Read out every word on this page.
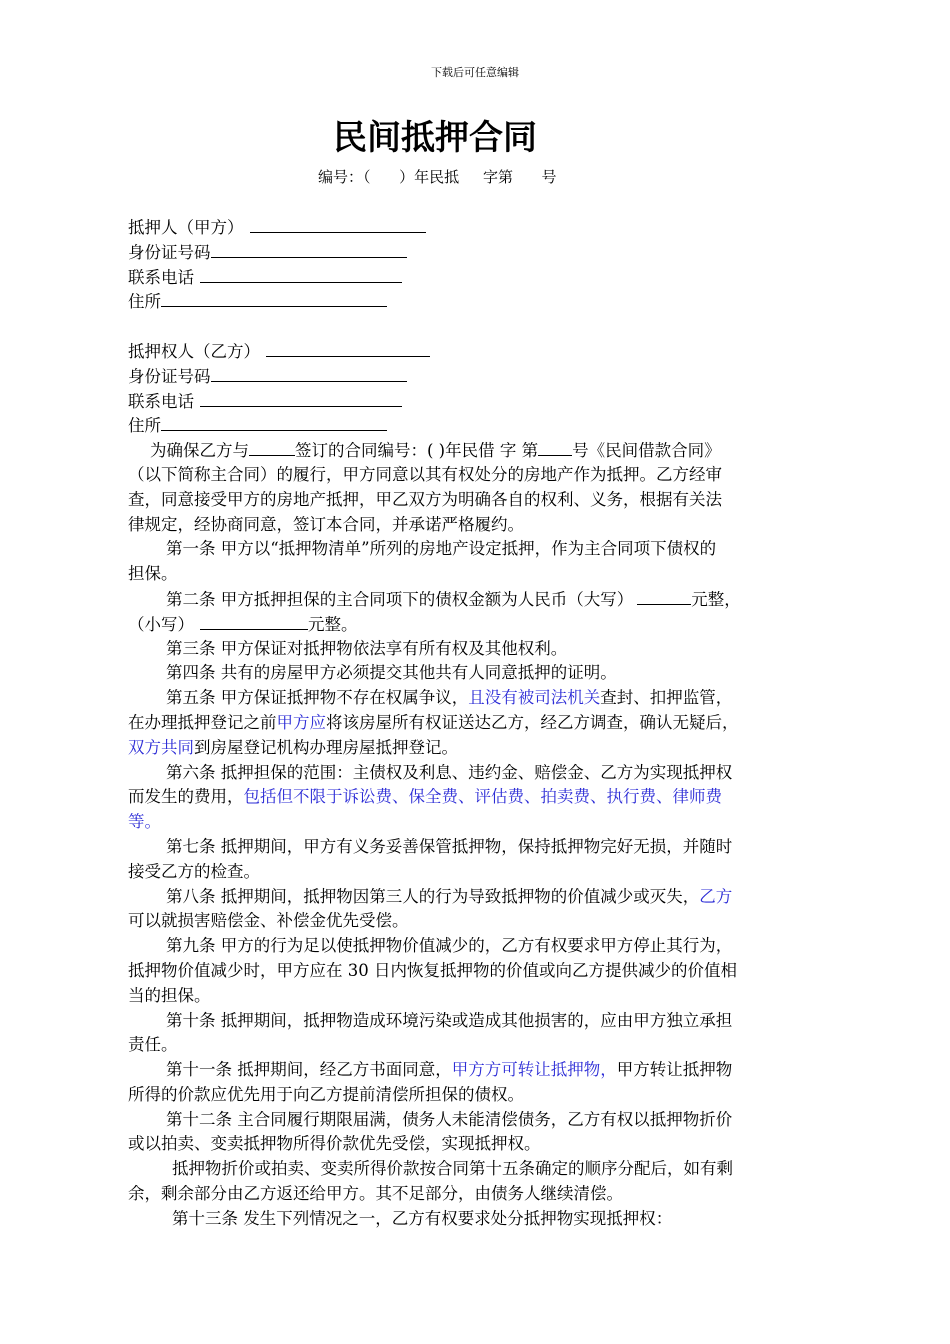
下载后可任意编辑
民间抵押合同
编号：（      ）年民抵     字第      号
抵押人（甲方）
身份证号码
联系电话
住所
抵押权人（乙方）
身份证号码
联系电话
住所
为确保乙方与	签订的合同编号：( )年民借 字 第 号《民间借款合同》
（以下简称主合同）的履行，甲方同意以其有权处分的房地产作为抵押。乙方经审
查，同意接受甲方的房地产抵押，甲乙双方为明确各自的权利、义务，根据有关法
律规定，经协商同意，签订本合同，并承诺严格履约。
第一条 甲方以“抵押物清单”所列的房地产设定抵押，作为主合同项下债权的
担保。
第二条 甲方抵押担保的主合同项下的债权金额为人民币（大写）	元整，
（小写）	元整。
第三条 甲方保证对抵押物依法享有所有权及其他权利。
第四条 共有的房屋甲方必须提交其他共有人同意抵押的证明。
第五条 甲方保证抵押物不存在权属争议，且没有被司法机关查封、扣押监管，
在办理抵押登记之前甲方应将该房屋所有权证送达乙方，经乙方调查，确认无疑后，
双方共同到房屋登记机构办理房屋抵押登记。
第六条 抵押担保的范围：主债权及利息、违约金、赔偿金、乙方为实现抵押权
而发生的费用，包括但不限于诉讼费、保全费、评估费、拍卖费、执行费、律师费
等。
第七条 抵押期间，甲方有义务妥善保管抵押物，保持抵押物完好无损，并随时
接受乙方的检查。
第八条 抵押期间，抵押物因第三人的行为导致抵押物的价值减少或灭失，乙方
可以就损害赔偿金、补偿金优先受偿。
第九条 甲方的行为足以使抵押物价值减少的，乙方有权要求甲方停止其行为，
抵押物价值减少时，甲方应在 30 日内恢复抵押物的价值或向乙方提供减少的价值相
当的担保。
第十条 抵押期间，抵押物造成环境污染或造成其他损害的，应由甲方独立承担
责任。
第十一条 抵押期间，经乙方书面同意，甲方方可转让抵押物，甲方转让抵押物
所得的价款应优先用于向乙方提前清偿所担保的债权。
第十二条 主合同履行期限届满，债务人未能清偿债务，乙方有权以抵押物折价
或以拍卖、变卖抵押物所得价款优先受偿，实现抵押权。
抵押物折价或拍卖、变卖所得价款按合同第十五条确定的顺序分配后，如有剩
余，剩余部分由乙方返还给甲方。其不足部分，由债务人继续清偿。
第十三条 发生下列情况之一，乙方有权要求处分抵押物实现抵押权：
